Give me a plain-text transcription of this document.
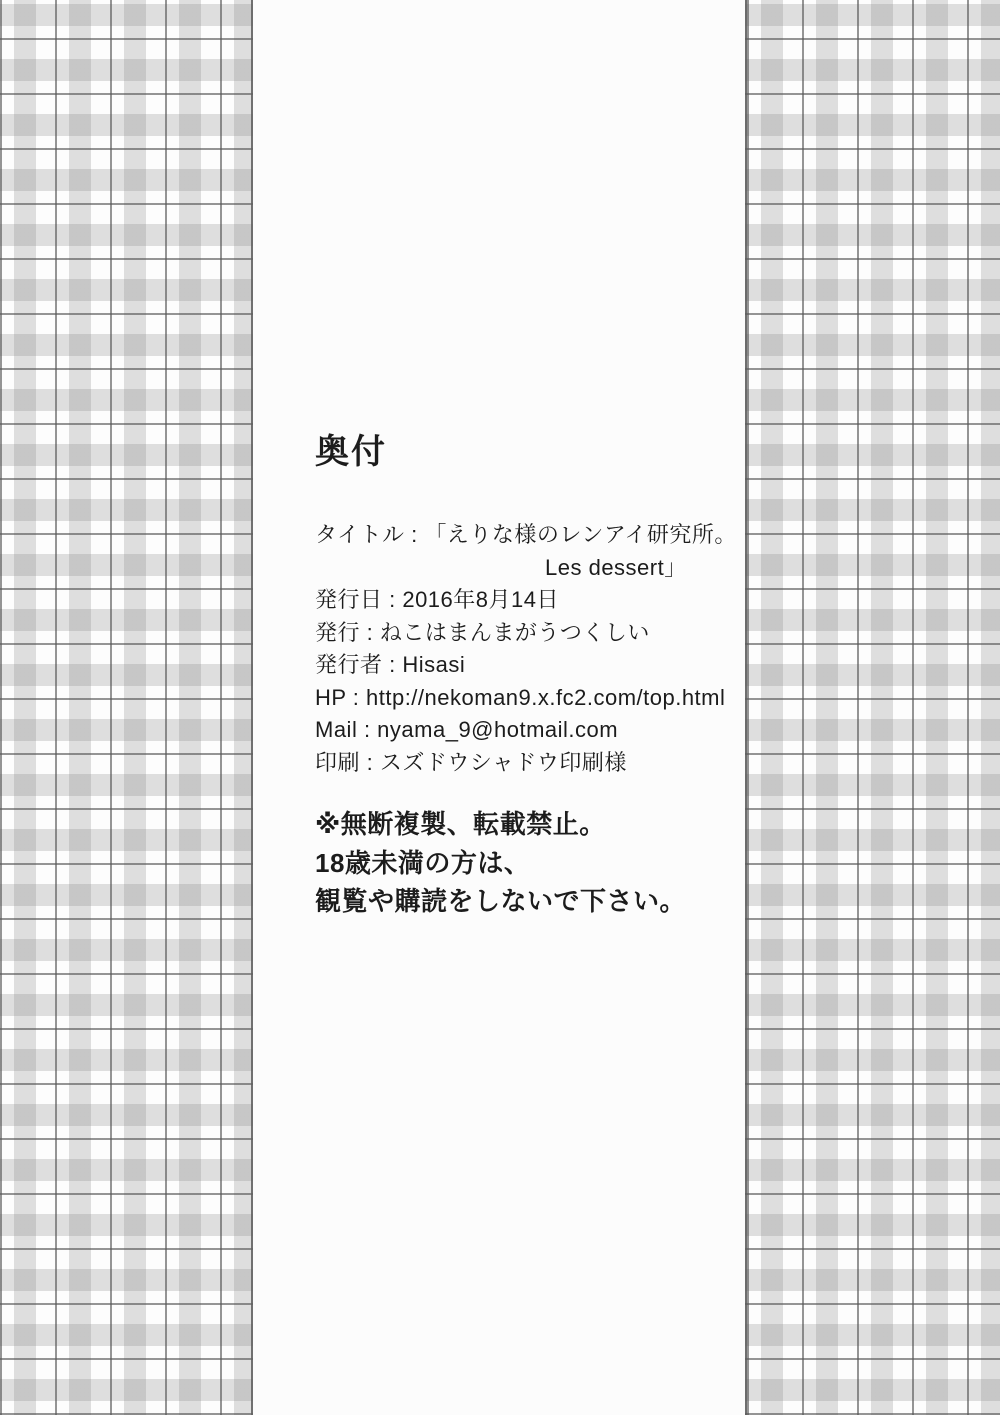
奥付
タイトル : 「えりな様のレンアイ研究所。
Les dessert」
発行日 : 2016年8月14日
発行 : ねこはまんまがうつくしい
発行者 : Hisasi
HP : http://nekoman9.x.fc2.com/top.html
Mail : nyama_9@hotmail.com
印刷 : スズドウシャドウ印刷様
※無断複製、転載禁止。
18歳未満の方は、
観覧や購読をしないで下さい。
